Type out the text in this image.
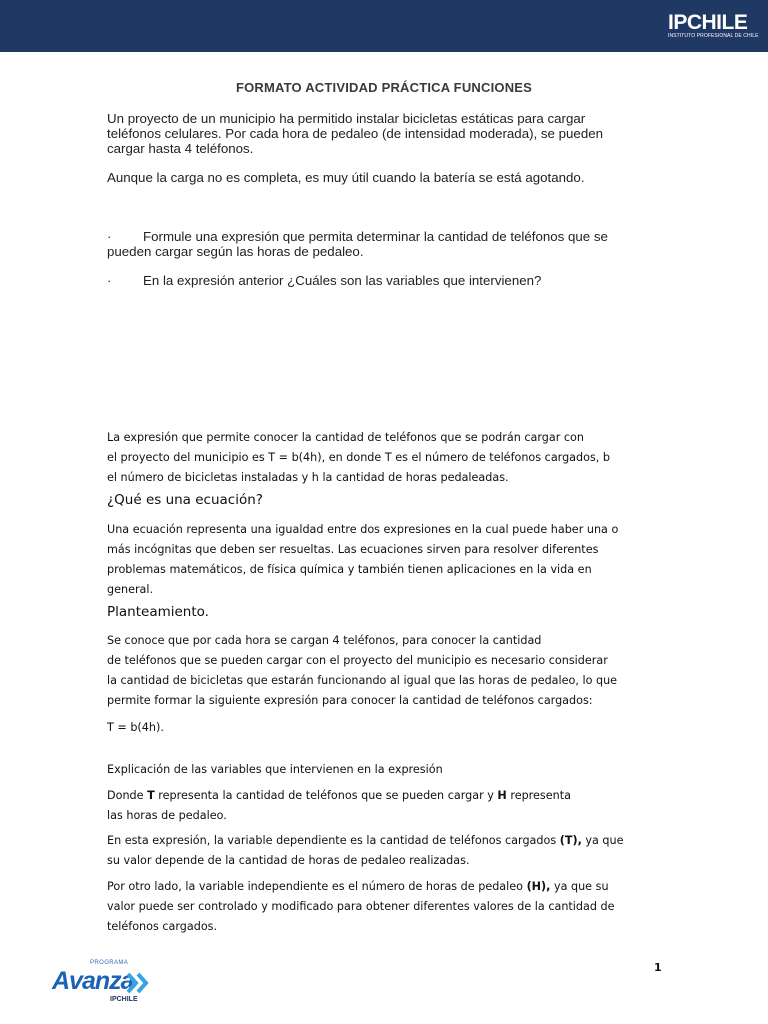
IPCHILE
INSTITUTO PROFESIONAL DE CHILE
FORMATO ACTIVIDAD PRÁCTICA FUNCIONES
Un proyecto de un municipio ha permitido instalar bicicletas estáticas para cargar
teléfonos celulares. Por cada hora de pedaleo (de intensidad moderada), se pueden
cargar hasta 4 teléfonos.
Aunque la carga no es completa, es muy útil cuando la batería se está agotando.
· Formule una expresión que permita determinar la cantidad de teléfonos que se
pueden cargar según las horas de pedaleo.
· En la expresión anterior ¿Cuáles son las variables que intervienen?
La expresión que permite conocer la cantidad de teléfonos que se podrán cargar con
el proyecto del municipio es T = b(4h), en donde T es el número de teléfonos cargados, b
el número de bicicletas instaladas y h la cantidad de horas pedaleadas.
¿Qué es una ecuación?
Una ecuación representa una igualdad entre dos expresiones en la cual puede haber una o
más incógnitas que deben ser resueltas. Las ecuaciones sirven para resolver diferentes
problemas matemáticos, de física química y también tienen aplicaciones en la vida en
general.
Planteamiento.
Se conoce que por cada hora se cargan 4 teléfonos, para conocer la cantidad
de teléfonos que se pueden cargar con el proyecto del municipio es necesario considerar
la cantidad de bicicletas que estarán funcionando al igual que las horas de pedaleo, lo que
permite formar la siguiente expresión para conocer la cantidad de teléfonos cargados:
T = b(4h).
Explicación de las variables que intervienen en la expresión
Donde T representa la cantidad de teléfonos que se pueden cargar y H representa
las horas de pedaleo.
En esta expresión, la variable dependiente es la cantidad de teléfonos cargados (T), ya que
su valor depende de la cantidad de horas de pedaleo realizadas.
Por otro lado, la variable independiente es el número de horas de pedaleo (H), ya que su
valor puede ser controlado y modificado para obtener diferentes valores de la cantidad de
teléfonos cargados.
PROGRAMA
Avanza
IPCHILE
1
